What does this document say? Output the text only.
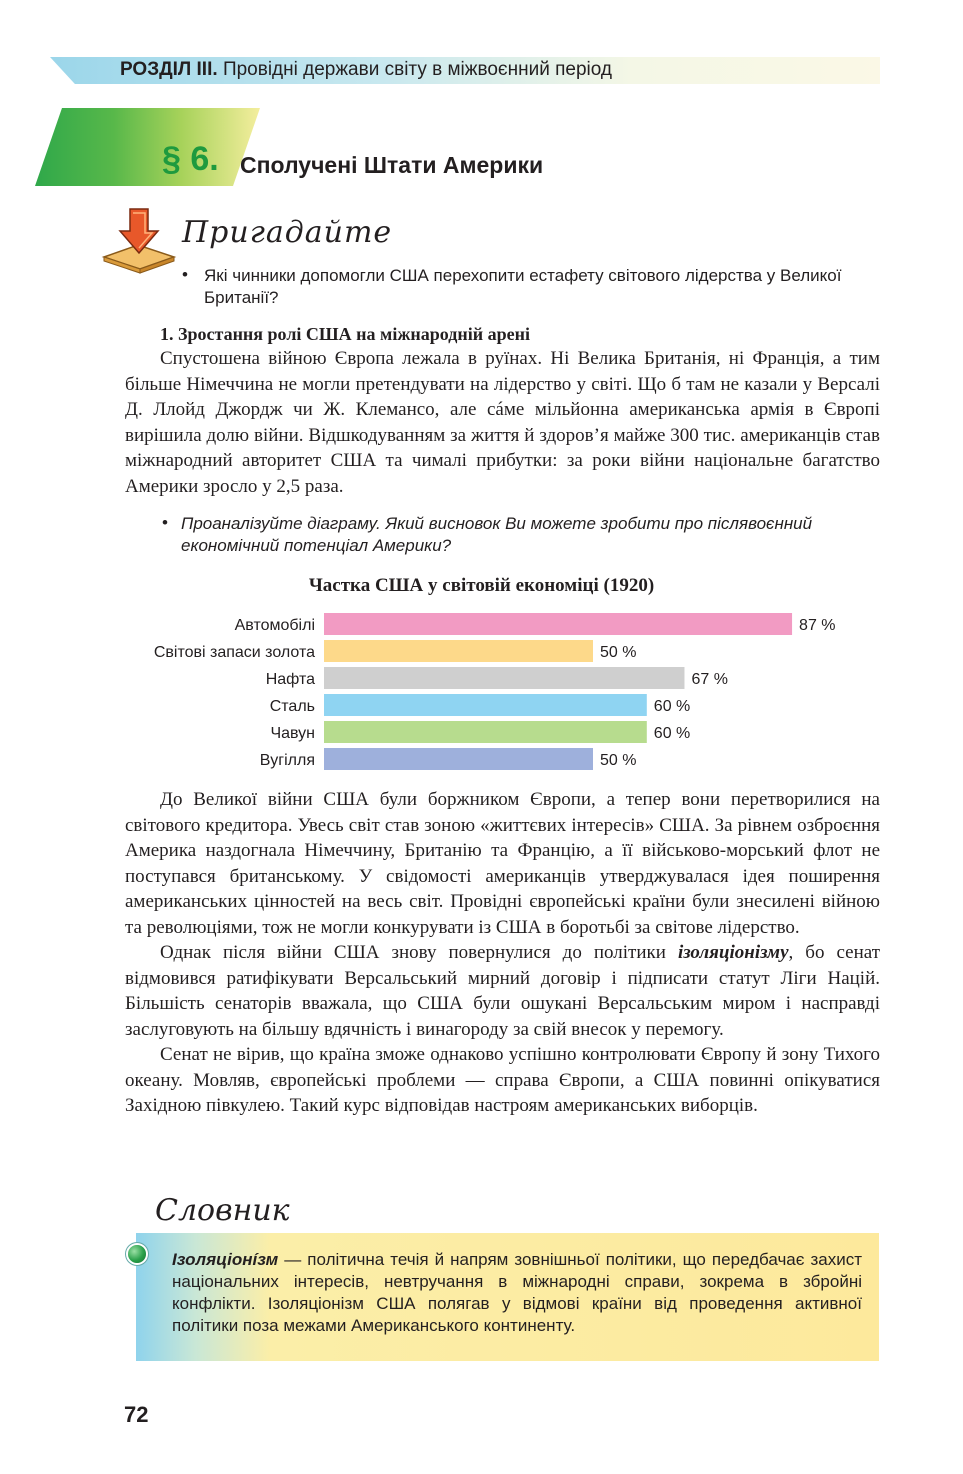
РОЗДІЛ ІІІ. Провідні держави світу в міжвоєнний період
§ 6. Сполучені Штати Америки
Пригадайте
• Які чинники допомогли США перехопити естафету світового лідерства у Великої Британії?
1. Зростання ролі США на міжнародній арені

Спустошена війною Європа лежала в руїнах. Ні Велика Британія, ні Франція, а тим більше Німеччина не могли претендувати на лідерство у світі. Що б там не казали у Версалі Д. Ллойд Джордж чи Ж. Клемансо, але сáме мільйонна американська армія в Європі вирішила долю війни. Відшкодуванням за життя й здоров’я майже 300 тис. американців став міжнародний авторитет США та чималі прибутки: за роки війни національне багатство Америки зросло у 2,5 раза.

• Проаналізуйте діаграму. Який висновок Ви можете зробити про післявоєнний економічний потенціал Америки?
Частка США у світовій економіці (1920)
Автомобілі	87 %
Світові запаси золота	50 %
Нафта	67 %
Сталь	60 %
Чавун	60 %
Вугілля	50 %

До Великої війни США були боржником Європи, а тепер вони перетворилися на світового кредитора. Увесь світ став зоною «життєвих інтересів» США. За рівнем озброєння Америка наздогнала Німеччину, Британію та Францію, а її військово-морський флот не поступався британському. У свідомості американців утверджувалася ідея поширення американських цінностей на весь світ. Провідні європейські країни були знесилені війною та революціями, тож не могли конкурувати із США в боротьбі за світове лідерство.

Однак після війни США знову повернулися до політики ізоляціонізму, бо сенат відмовився ратифікувати Версальський мирний договір і підписати статут Ліги Націй. Більшість сенаторів вважала, що США були ошукані Версальським миром і насправді заслуговують на більшу вдячність і винагороду за свій внесок у перемогу.

Сенат не вірив, що країна зможе однаково успішно контролювати Європу й зону Тихого океану. Мовляв, європейські проблеми — справа Європи, а США повинні опікуватися Західною півкулею. Такий курс відповідав настроям американських виборців.

Словник
Ізоляціонíзм — політична течія й напрям зовнішньої політики, що передбачає захист національних інтересів, невтручання в міжнародні справи, зокрема в збройні конфлікти. Ізоляціонізм США полягав у відмові країни від проведення активної політики поза межами Американського континенту.
72
